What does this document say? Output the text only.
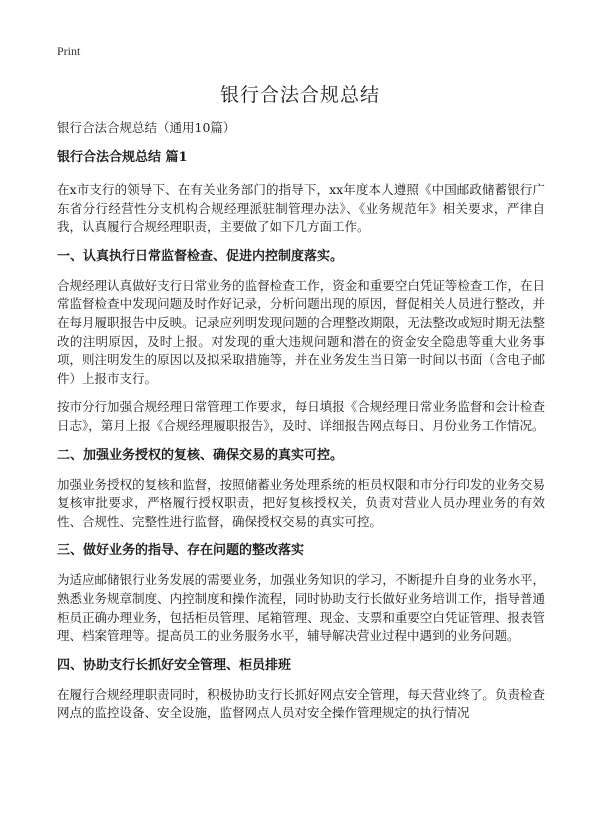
Print
银行合法合规总结
银行合法合规总结（通用10篇）
银行合法合规总结 篇1

在x市支行的领导下、在有关业务部门的指导下，xx年度本人遵照《中国邮政储蓄银行广东省分行经营性分支机构合规经理派驻制管理办法》、《业务规范年》相关要求，严律自我，认真履行合规经理职责，主要做了如下几方面工作。

一、认真执行日常监督检查、促进内控制度落实。

合规经理认真做好支行日常业务的监督检查工作，资金和重要空白凭证等检查工作，在日常监督检查中发现问题及时作好记录，分析问题出现的原因，督促相关人员进行整改，并在每月履职报告中反映。记录应列明发现问题的合理整改期限，无法整改或短时期无法整改的注明原因，及时上报。对发现的重大违规问题和潜在的资金安全隐患等重大业务事项，则注明发生的原因以及拟采取措施等，并在业务发生当日第一时间以书面（含电子邮件）上报市支行。

按市分行加强合规经理日常管理工作要求，每日填报《合规经理日常业务监督和会计检查日志》，第月上报《合规经理履职报告》，及时、详细报告网点每日、月份业务工作情况。

二、加强业务授权的复核、确保交易的真实可控。

加强业务授权的复核和监督，按照储蓄业务处理系统的柜员权限和市分行印发的业务交易复核审批要求，严格履行授权职责，把好复核授权关，负责对营业人员办理业务的有效性、合规性、完整性进行监督，确保授权交易的真实可控。

三、做好业务的指导、存在问题的整改落实

为适应邮储银行业务发展的需要业务，加强业务知识的学习，不断提升自身的业务水平，熟悉业务规章制度、内控制度和操作流程，同时协助支行长做好业务培训工作，指导普通柜员正确办理业务，包括柜员管理、尾箱管理、现金、支票和重要空白凭证管理、报表管理、档案管理等。提高员工的业务服务水平，辅导解决营业过程中遇到的业务问题。

四、协助支行长抓好安全管理、柜员排班

在履行合规经理职责同时，积极协助支行长抓好网点安全管理，每天营业终了。负责检查网点的监控设备、安全设施，监督网点人员对安全操作管理规定的执行情况
